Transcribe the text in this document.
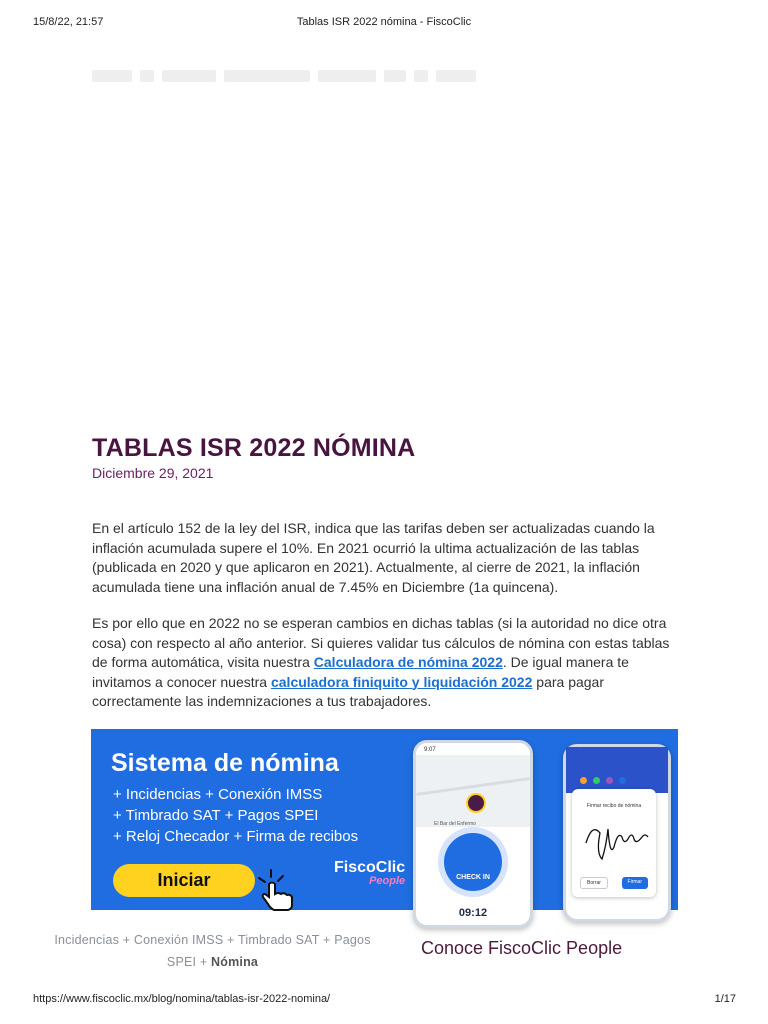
15/8/22, 21:57	Tablas ISR 2022 nómina - FiscoClic
TABLAS ISR 2022 NÓMINA
Diciembre 29, 2021

En el artículo 152 de la ley del ISR, indica que las tarifas deben ser actualizadas cuando la inflación acumulada supere el 10%. En 2021 ocurrió la ultima actualización de las tablas (publicada en 2020 y que aplicaron en 2021). Actualmente, al cierre de 2021, la inflación acumulada tiene una inflación anual de 7.45% en Diciembre (1a quincena).

Es por ello que en 2022 no se esperan cambios en dichas tablas (si la autoridad no dice otra cosa) con respecto al año anterior. Si quieres validar tus cálculos de nómina con estas tablas de forma automática, visita nuestra Calculadora de nómina 2022. De igual manera te invitamos a conocer nuestra calculadora finiquito y liquidación 2022 para pagar correctamente las indemnizaciones a tus trabajadores.

Sistema de nómina
+ Incidencias + Conexión IMSS
+ Timbrado SAT + Pagos SPEI
+ Reloj Checador + Firma de recibos
Iniciar
FiscoClic
People
El Bar del Enfermo
9:07
CHECK IN
09:12
Firmar recibo de nómina
Borrar	Firmar
Incidencias + Conexión IMSS + Timbrado SAT + Pagos SPEI + Nómina
Conoce FiscoClic People
https://www.fiscoclic.mx/blog/nomina/tablas-isr-2022-nomina/	1/17
